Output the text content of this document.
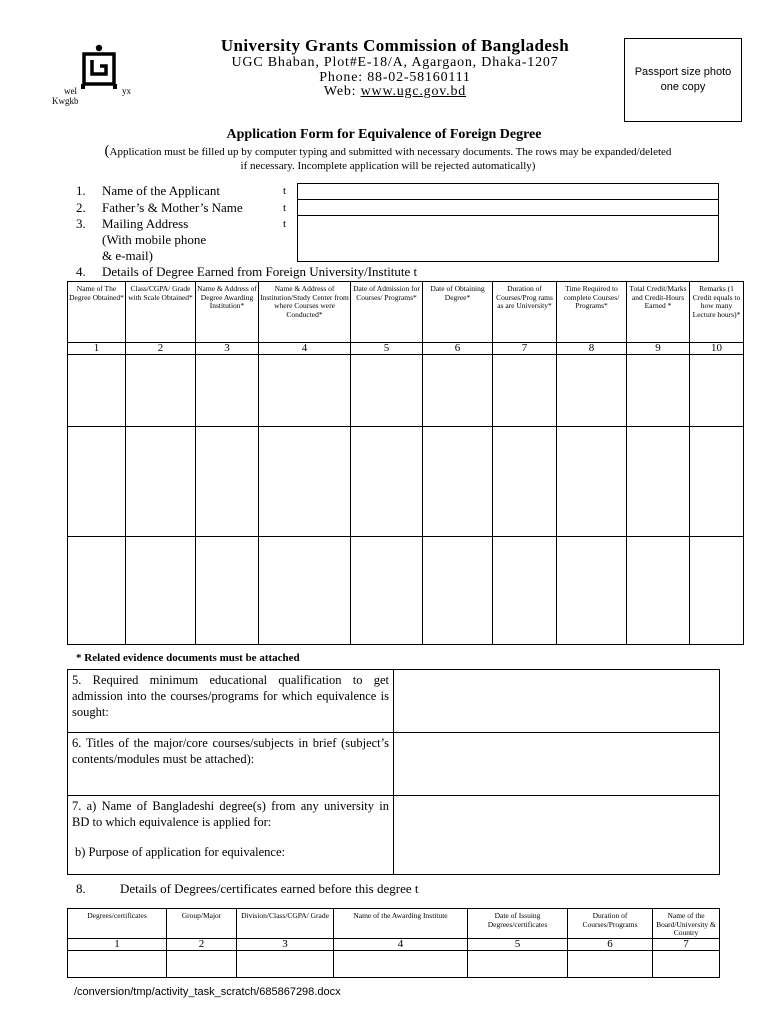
wel	yx
Kwgkb
University Grants Commission of Bangladesh
UGC Bhaban, Plot#E-18/A, Agargaon, Dhaka-1207
Phone: 88-02-58160111
Web: www.ugc.gov.bd
Passport size photo
one copy
Application Form for Equivalence of Foreign Degree
(Application must be filled up by computer typing and submitted with necessary documents. The rows may be expanded/deleted if necessary. Incomplete application will be rejected automatically)
1. Name of the Applicant	t
2. Father’s & Mother’s Name	t
3. Mailing Address
(With mobile phone
& e-mail)
t
4. Details of Degree Earned from Foreign University/Institute t
Name of The Degree Obtained*	Class/CGPA/ Grade with Scale Obtained*	Name & Address of Degree Awarding Institution*	Name & Address of Institution/Study Center from where Courses were Conducted*	Date of Admission for Courses/ Programs*	Date of Obtaining Degree*	Duration of Courses/Prog rams as are University*	Time Required to complete Courses/ Programs*	Total Credit/Marks and Credit-Hours Earned *	Remarks (1 Credit equals to how many Lecture hours)*
1	2	3	4	5	6	7	8	9	10

* Related evidence documents must be attached
5. Required minimum educational qualification to get admission into the courses/programs for which equivalence is sought:	
6. Titles of the major/core courses/subjects in brief (subject’s contents/modules must be attached):	

7. a) Name of Bangladeshi degree(s) from any university in BD to which equivalence is applied for:
b) Purpose of application for equivalence:	

8.	Details of Degrees/certificates earned before this degree t
Degrees/certificates	Group/Major	Division/Class/CGPA/ Grade	Name of the Awarding Institute	Date of Issuing Degrees/certificates	Duration of Courses/Programs	Name of the Board/University & Country
1	2	3	4	5	6	7

/conversion/tmp/activity_task_scratch/685867298.docx
